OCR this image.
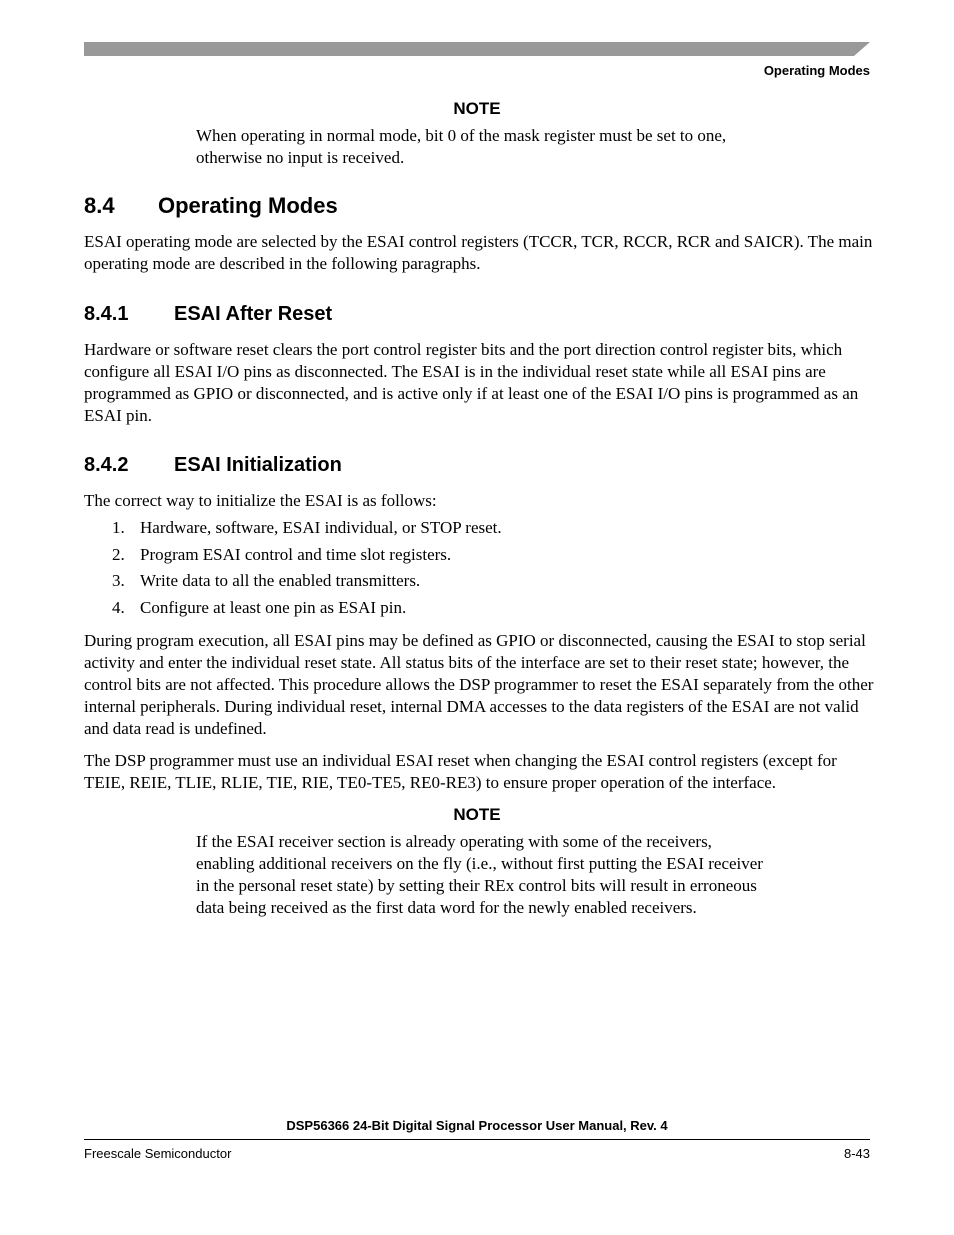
Operating Modes
NOTE
When operating in normal mode, bit 0 of the mask register must be set to one, otherwise no input is received.
8.4 Operating Modes
ESAI operating mode are selected by the ESAI control registers (TCCR, TCR, RCCR, RCR and SAICR). The main operating mode are described in the following paragraphs.
8.4.1 ESAI After Reset
Hardware or software reset clears the port control register bits and the port direction control register bits, which configure all ESAI I/O pins as disconnected. The ESAI is in the individual reset state while all ESAI pins are programmed as GPIO or disconnected, and is active only if at least one of the ESAI I/O pins is programmed as an ESAI pin.
8.4.2 ESAI Initialization
The correct way to initialize the ESAI is as follows:
1. Hardware, software, ESAI individual, or STOP reset.
2. Program ESAI control and time slot registers.
3. Write data to all the enabled transmitters.
4. Configure at least one pin as ESAI pin.
During program execution, all ESAI pins may be defined as GPIO or disconnected, causing the ESAI to stop serial activity and enter the individual reset state. All status bits of the interface are set to their reset state; however, the control bits are not affected. This procedure allows the DSP programmer to reset the ESAI separately from the other internal peripherals. During individual reset, internal DMA accesses to the data registers of the ESAI are not valid and data read is undefined.
The DSP programmer must use an individual ESAI reset when changing the ESAI control registers (except for TEIE, REIE, TLIE, RLIE, TIE, RIE, TE0-TE5, RE0-RE3) to ensure proper operation of the interface.
NOTE
If the ESAI receiver section is already operating with some of the receivers, enabling additional receivers on the fly (i.e., without first putting the ESAI receiver in the personal reset state) by setting their REx control bits will result in erroneous data being received as the first data word for the newly enabled receivers.
DSP56366 24-Bit Digital Signal Processor User Manual, Rev. 4
Freescale Semiconductor	8-43
